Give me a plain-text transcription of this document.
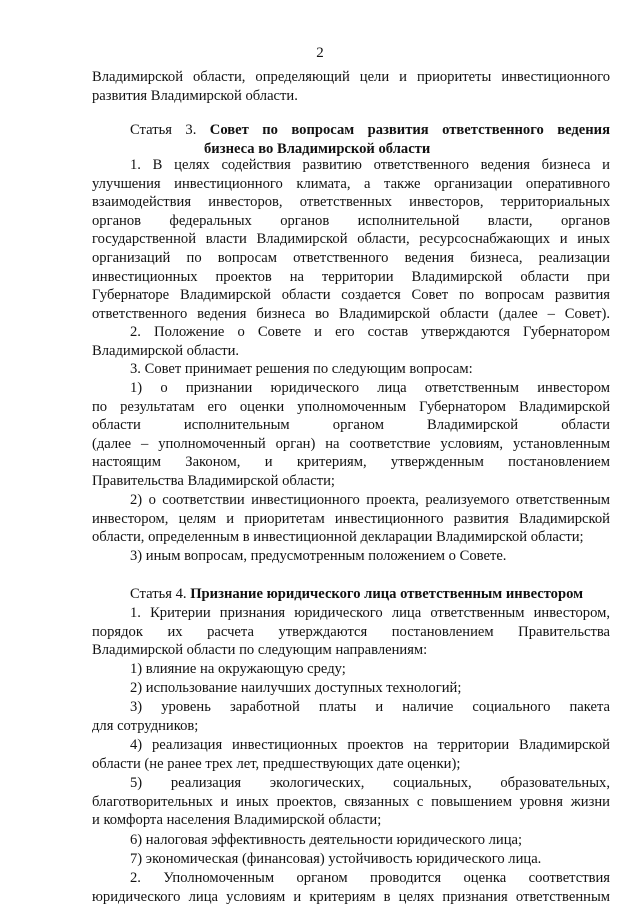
2
Владимирской области, определяющий цели и приоритеты инвестиционного
развития Владимирской области.
Статья 3. Совет по вопросам развития ответственного ведения
бизнеса во Владимирской области
1. В целях содействия развитию ответственного ведения бизнеса и
улучшения инвестиционного климата, а также организации оперативного
взаимодействия инвесторов, ответственных инвесторов, территориальных
органов федеральных органов исполнительной власти, органов
государственной власти Владимирской области, ресурсоснабжающих и иных
организаций по вопросам ответственного ведения бизнеса, реализации
инвестиционных проектов на территории Владимирской области при
Губернаторе Владимирской области создается Совет по вопросам развития
ответственного ведения бизнеса во Владимирской области (далее – Совет).
2. Положение о Совете и его состав утверждаются Губернатором
Владимирской области.
3. Совет принимает решения по следующим вопросам:
1) о признании юридического лица ответственным инвестором
по результатам его оценки уполномоченным Губернатором Владимирской
области исполнительным органом Владимирской области
(далее – уполномоченный орган) на соответствие условиям, установленным
настоящим Законом, и критериям, утвержденным постановлением
Правительства Владимирской области;
2) о соответствии инвестиционного проекта, реализуемого ответственным
инвестором, целям и приоритетам инвестиционного развития Владимирской
области, определенным в инвестиционной декларации Владимирской области;
3) иным вопросам, предусмотренным положением о Совете.
Статья 4. Признание юридического лица ответственным инвестором
1. Критерии признания юридического лица ответственным инвестором,
порядок их расчета утверждаются постановлением Правительства
Владимирской области по следующим направлениям:
1) влияние на окружающую среду;
2) использование наилучших доступных технологий;
3) уровень заработной платы и наличие социального пакета
для сотрудников;
4) реализация инвестиционных проектов на территории Владимирской
области (не ранее трех лет, предшествующих дате оценки);
5) реализация экологических, социальных, образовательных,
благотворительных и иных проектов, связанных с повышением уровня жизни
и комфорта населения Владимирской области;
6) налоговая эффективность деятельности юридического лица;
7) экономическая (финансовая) устойчивость юридического лица.
2. Уполномоченным органом проводится оценка соответствия
юридического лица условиям и критериям в целях признания ответственным
